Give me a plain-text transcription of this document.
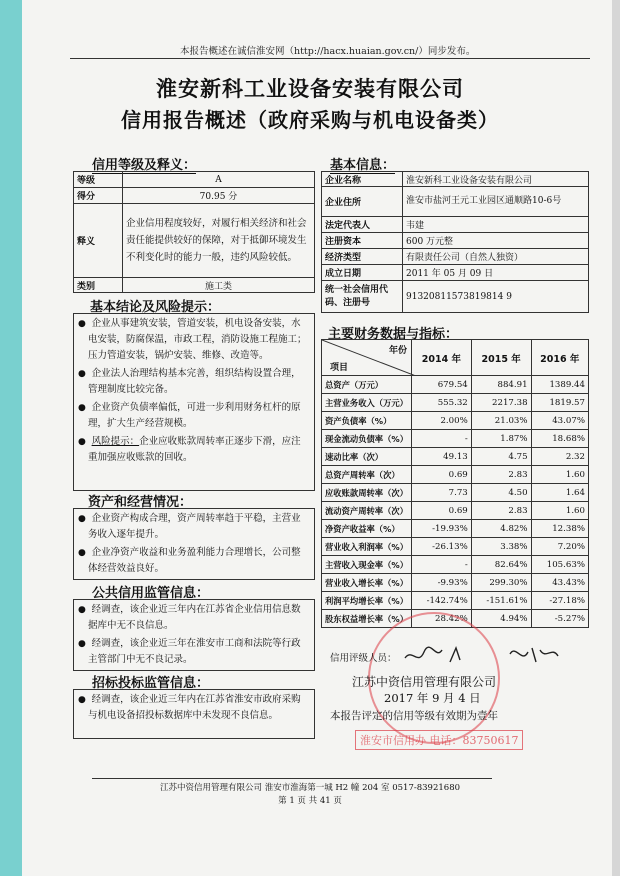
本报告概述在诚信淮安网（http://hacx.huaian.gov.cn/）同步发布。
淮安新科工业设备安装有限公司
信用报告概述（政府采购与机电设备类）
信用等级及释义：
等级	A
得分	70.95 分
释义	企业信用程度较好，对履行相关经济和社会责任能提供较好的保障，对于抵御环境发生不利变化时的能力一般，违约风险较低。
类别	施工类
基本结论及风险提示：

●  企业从事建筑安装，管道安装，机电设备安装，水电安装，防腐保温，市政工程，消防设施工程施工；压力管道安装，锅炉安装、维修、改造等。

●  企业法人治理结构基本完善，组织结构设置合理，管理制度比较完备。

●  企业资产负债率偏低，可进一步利用财务杠杆的原理，扩大生产经营规模。

●  风险提示：企业应收账款周转率正逐步下滑，应注重加强应收账款的回收。

资产和经营情况：

●  企业资产构成合理，资产周转率趋于平稳，主营业务收入逐年提升。

●  企业净资产收益和业务盈利能力合理增长，公司整体经营效益良好。

公共信用监管信息：

●  经调查，该企业近三年内在江苏省企业信用信息数据库中无不良信息。

●  经调查，该企业近三年在淮安市工商和法院等行政主管部门中无不良记录。

招标投标监管信息：

●  经调查，该企业近三年内在江苏省淮安市政府采购与机电设备招投标数据库中未发现不良信息。

基本信息：
企业名称	淮安新科工业设备安装有限公司
企业住所	淮安市盐河王元工业园区通顺路10-6号
法定代表人	韦建
注册资本	600 万元整
经济类型	有限责任公司（自然人独资）
成立日期	2011 年 05 月 09 日
统一社会信用代码、注册号	91320811573819814 9
主要财务数据与指标：
年份
项目	2014 年	2015 年	2016 年
总资产（万元）	679.54	884.91	1389.44
主营业务收入（万元）	555.32	2217.38	1819.57
资产负债率（%）	2.00%	21.03%	43.07%
现金流动负债率（%）	-	1.87%	18.68%
速动比率（次）	49.13	4.75	2.32
总资产周转率（次）	0.69	2.83	1.60
应收账款周转率（次）	7.73	4.50	1.64
流动资产周转率（次）	0.69	2.83	1.60
净资产收益率（%）	-19.93%	4.82%	12.38%
营业收入利润率（%）	-26.13%	3.38%	7.20%
主营收入现金率（%）	-	82.64%	105.63%
营业收入增长率（%）	-9.93%	299.30%	43.43%
利润平均增长率（%）	-142.74%	-151.61%	-27.18%
股东权益增长率（%）	28.42%	4.94%	-5.27%
信用评级人员：
江苏中资信用管理有限公司
2017 年 9 月 4 日
本报告评定的信用等级有效期为壹年
淮安市信用办 电话：83750617
江苏中资信用管理有限公司 淮安市淮海第一城 H2 幢 204 室 0517-83921680
第 1 页 共 41 页
